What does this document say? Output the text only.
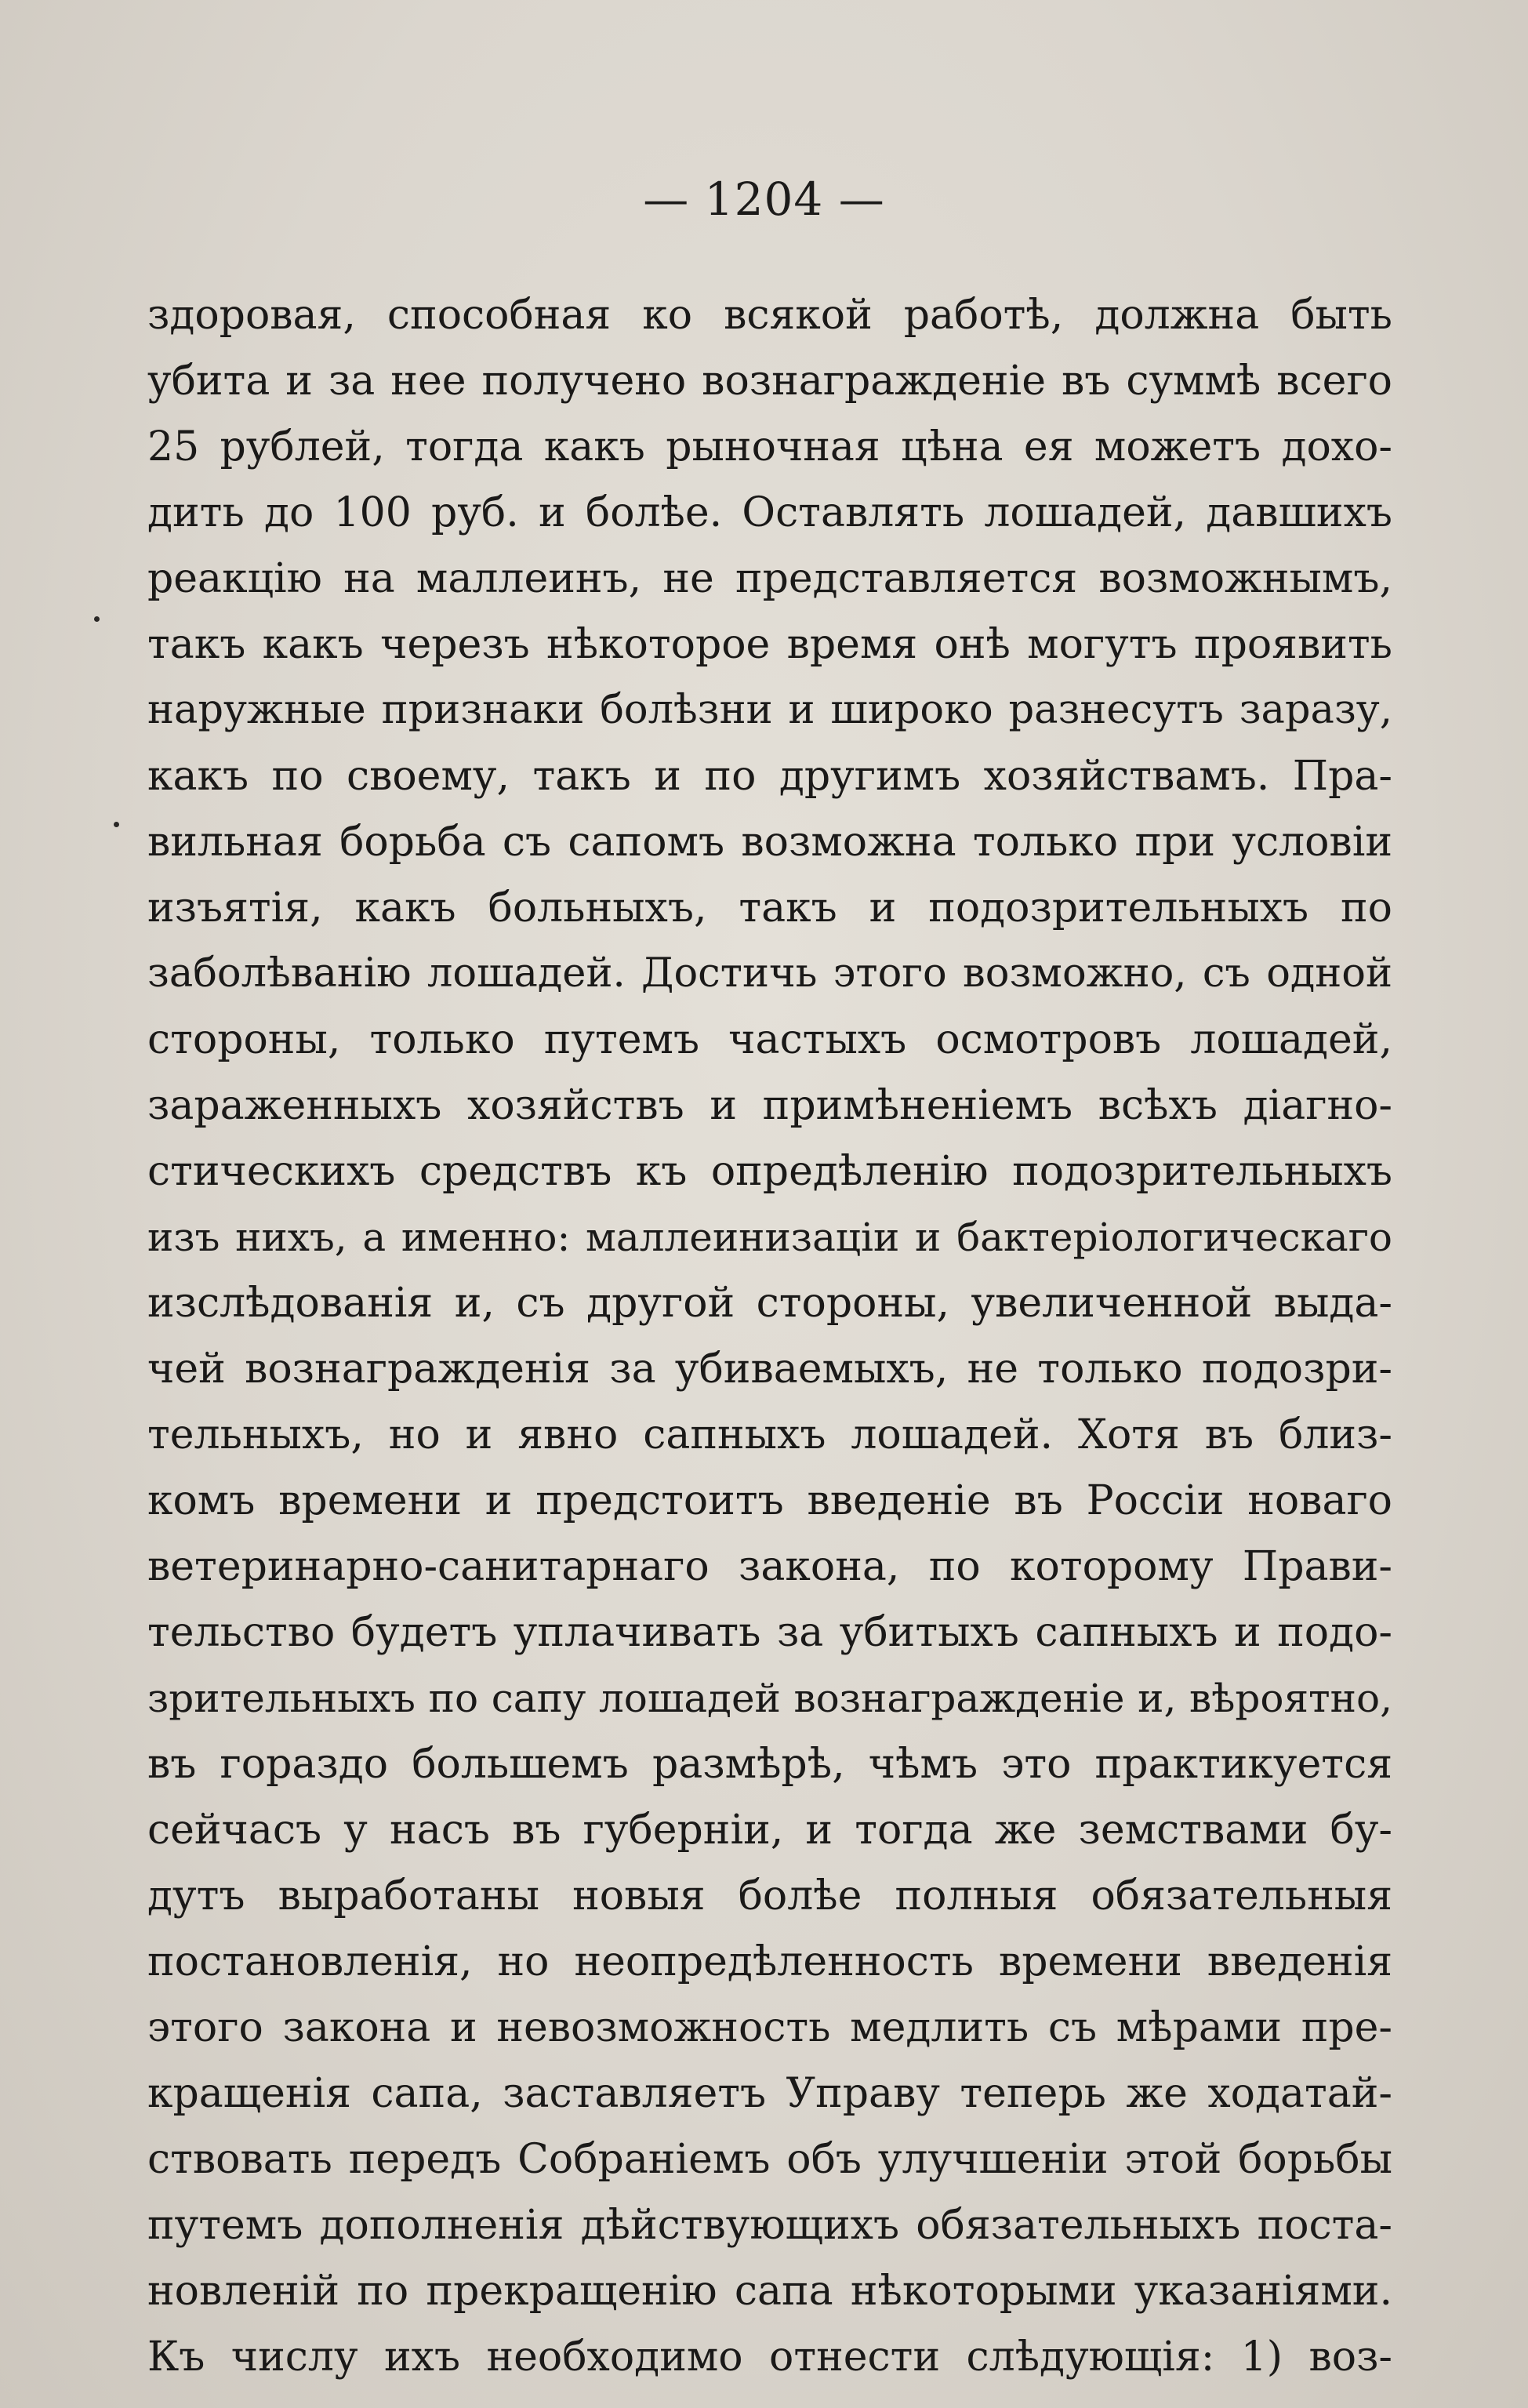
— 1204 —
здоровая, способная ко всякой работѣ, должна быть
убита и за нее получено вознагражденіе въ суммѣ всего
25 рублей, тогда какъ рыночная цѣна ея можетъ дохо-
дить до 100 руб. и болѣе. Оставлять лошадей, давшихъ
реакцію на маллеинъ, не представляется возможнымъ,
такъ какъ черезъ нѣкоторое время онѣ могутъ проявить
наружные признаки болѣзни и широко разнесутъ заразу,
какъ по своему, такъ и по другимъ хозяйствамъ. Пра-
вильная борьба съ сапомъ возможна только при условіи
изъятія, какъ больныхъ, такъ и подозрительныхъ по
заболѣванію лошадей. Достичь этого возможно, съ одной
стороны, только путемъ частыхъ осмотровъ лошадей,
зараженныхъ хозяйствъ и примѣненіемъ всѣхъ діагно-
стическихъ средствъ къ опредѣленію подозрительныхъ
изъ нихъ, а именно: маллеинизаціи и бактеріологическаго
изслѣдованія и, съ другой стороны, увеличенной выда-
чей вознагражденія за убиваемыхъ, не только подозри-
тельныхъ, но и явно сапныхъ лошадей. Хотя въ близ-
комъ времени и предстоитъ введеніе въ Россіи новаго
ветеринарно-санитарнаго закона, по которому Прави-
тельство будетъ уплачивать за убитыхъ сапныхъ и подо-
зрительныхъ по сапу лошадей вознагражденіе и, вѣроятно,
въ гораздо большемъ размѣрѣ, чѣмъ это практикуется
сейчасъ у насъ въ губерніи, и тогда же земствами бу-
дутъ выработаны новыя болѣе полныя обязательныя
постановленія, но неопредѣленность времени введенія
этого закона и невозможность медлить съ мѣрами пре-
кращенія сапа, заставляетъ Управу теперь же ходатай-
ствовать передъ Собраніемъ объ улучшеніи этой борьбы
путемъ дополненія дѣйствующихъ обязательныхъ поста-
новленій по прекращенію сапа нѣкоторыми указаніями.
Къ числу ихъ необходимо отнести слѣдующія: 1) воз-
